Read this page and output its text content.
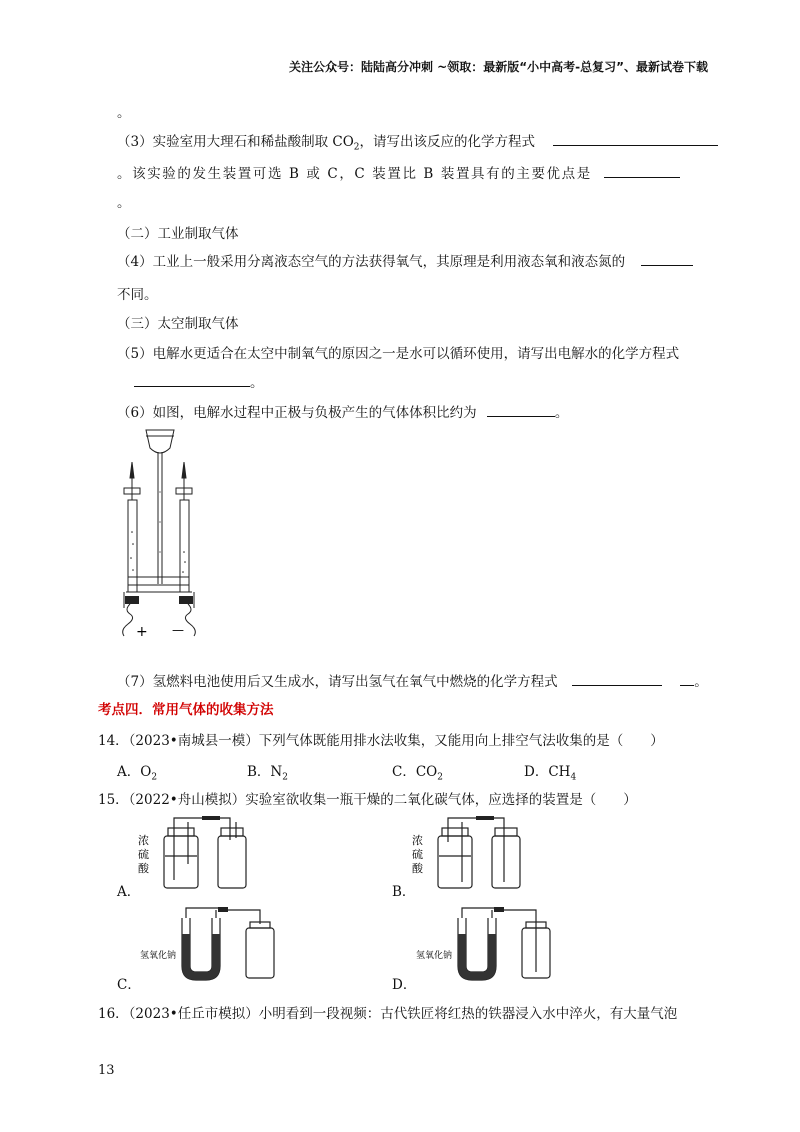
关注公众号：陆陆高分冲刺 ~领取：最新版“小中高考-总复习”、最新试卷下载
。
（3）实验室用大理石和稀盐酸制取 $CO_2$，请写出该反应的化学方程式
。该实验的发生装置可选 B 或 C，C 装置比 B 装置具有的主要优点是
。
（二）工业制取气体
（4）工业上一般采用分离液态空气的方法获得氧气，其原理是利用液态氧和液态氮的
不同。
（三）太空制取气体
（5）电解水更适合在太空中制氧气的原因之一是水可以循环使用，请写出电解水的化学方程式
。
（6）如图，电解水过程中正极与负极产生的气体体积比约为	。
+ —
（7）氢燃料电池使用后又生成水，请写出氢气在氧气中燃烧的化学方程式	。
考点四．常用气体的收集方法
14．（2023•南城县一模）下列气体既能用排水法收集，又能用向上排空气法收集的是（　　）
A．$O_2$	B．$N_2$	C．$CO_2$	D．$CH_4$
15．（2022•舟山模拟）实验室欲收集一瓶干燥的二氧化碳气体，应选择的装置是（　　）
A．
浓
硫
酸
B．
浓
硫
酸
C．
氢氧化钠
D．
氢氧化钠
16．（2023•任丘市模拟）小明看到一段视频：古代铁匠将红热的铁器浸入水中淬火，有大量气泡
13
